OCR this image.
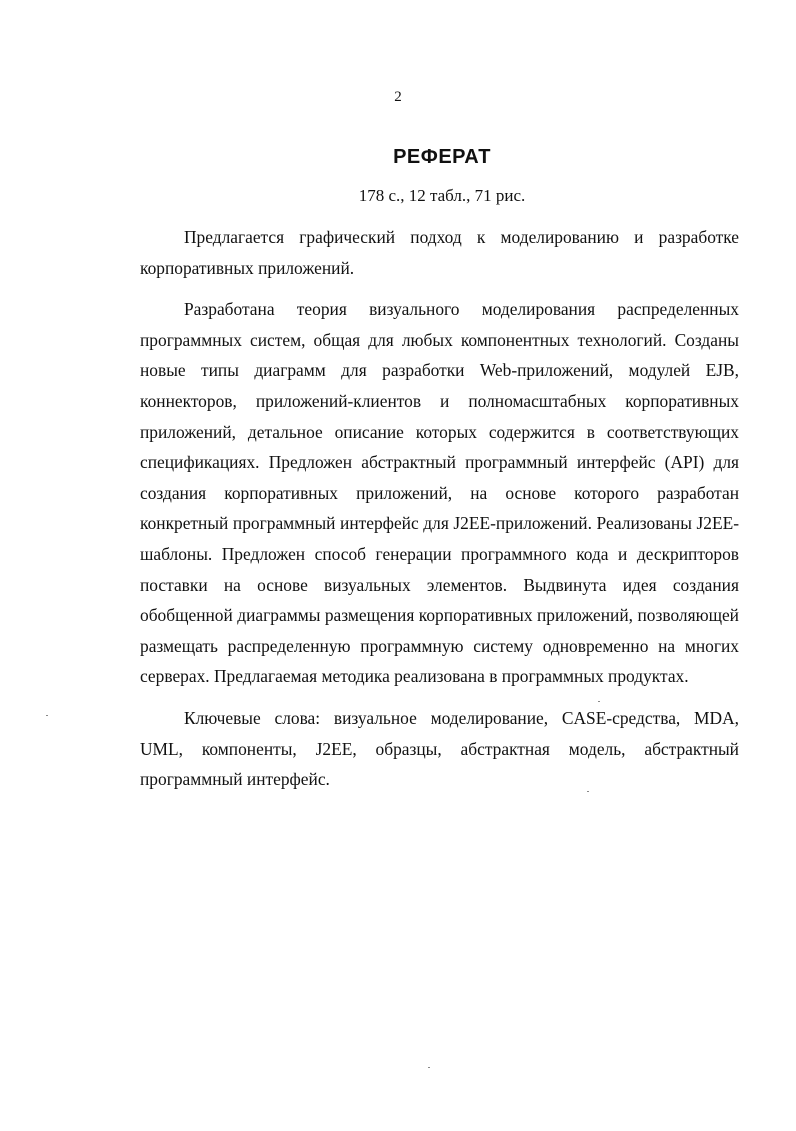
2
РЕФЕРАТ
178 с., 12 табл., 71 рис.

Предлагается графический подход к моделированию и разработке корпоративных приложений.

Разработана теория визуального моделирования распределенных программных систем, общая для любых компонентных технологий. Созданы новые типы диаграмм для разработки Web-приложений, модулей EJB, коннекторов, приложений-клиентов и полномасштабных корпоративных приложений, детальное описание которых содержится в соответствующих спецификациях. Предложен абстрактный программный интерфейс (API) для создания корпоративных приложений, на основе которого разработан конкретный программный интерфейс для J2EE-приложений. Реализованы J2EE-шаблоны. Предложен способ генерации программного кода и дескрипторов поставки на основе визуальных элементов. Выдвинута идея создания обобщенной диаграммы размещения корпоративных приложений, позволяющей размещать распределенную программную систему одновременно на многих серверах. Предлагаемая методика реализована в программных продуктах.

Ключевые слова: визуальное моделирование, CASE-средства, MDA, UML, компоненты, J2EE, образцы, абстрактная модель, абстрактный программный интерфейс.
